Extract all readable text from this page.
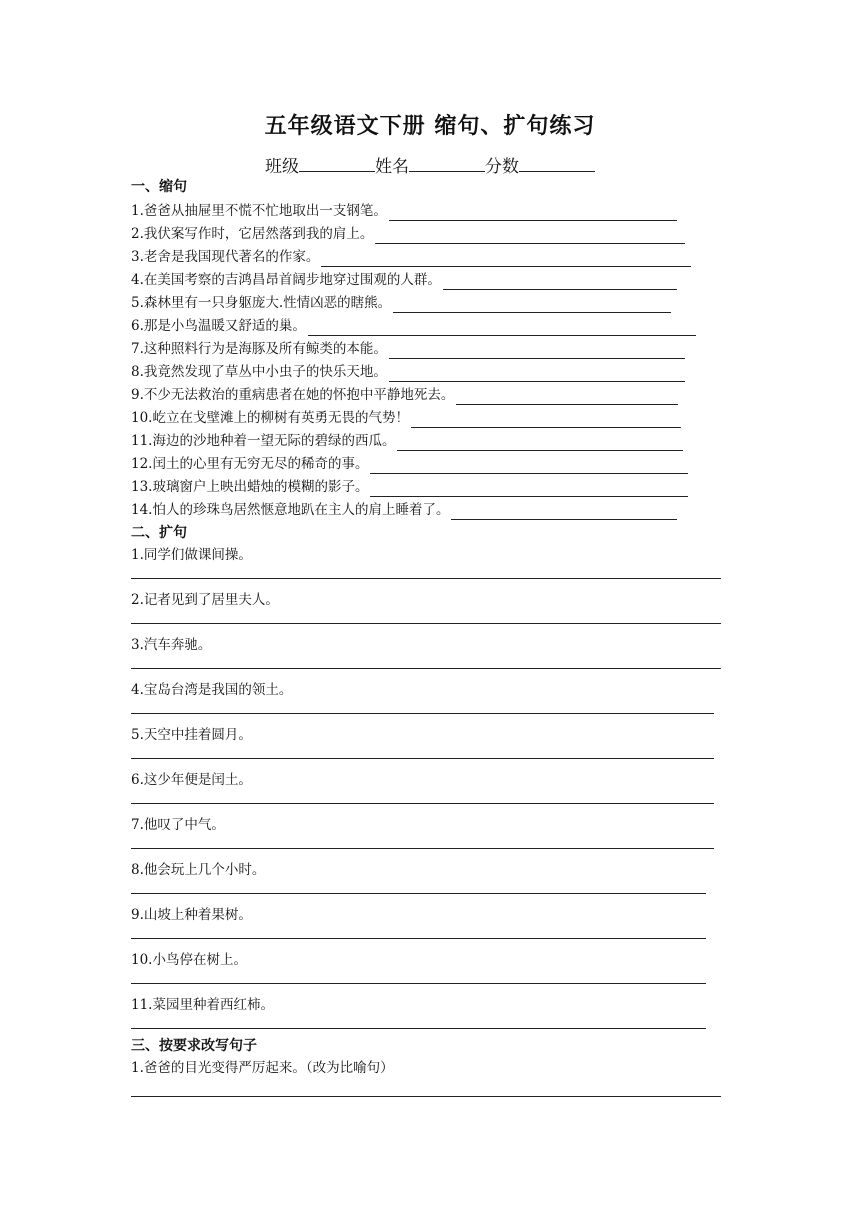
五年级语文下册 缩句、扩句练习
班级	姓名	分数
一、缩句
1.爸爸从抽屉里不慌不忙地取出一支钢笔。
2.我伏案写作时，它居然落到我的肩上。
3.老舍是我国现代著名的作家。
4.在美国考察的吉鸿昌昂首阔步地穿过围观的人群。
5.森林里有一只身躯庞大.性情凶恶的瞎熊。
6.那是小鸟温暖又舒适的巢。
7.这种照料行为是海豚及所有鲸类的本能。
8.我竟然发现了草丛中小虫子的快乐天地。
9.不少无法救治的重病患者在她的怀抱中平静地死去。
10.屹立在戈壁滩上的柳树有英勇无畏的气势！
11.海边的沙地种着一望无际的碧绿的西瓜。
12.闰土的心里有无穷无尽的稀奇的事。
13.玻璃窗户上映出蜡烛的模糊的影子。
14.怕人的珍珠鸟居然惬意地趴在主人的肩上睡着了。
二、扩句
1.同学们做课间操。
2.记者见到了居里夫人。
3.汽车奔驰。
4.宝岛台湾是我国的领土。
5.天空中挂着圆月。
6.这少年便是闰土。
7.他叹了中气。
8.他会玩上几个小时。
9.山坡上种着果树。
10.小鸟停在树上。
11.菜园里种着西红柿。
三、按要求改写句子
1.爸爸的目光变得严厉起来。（改为比喻句）
